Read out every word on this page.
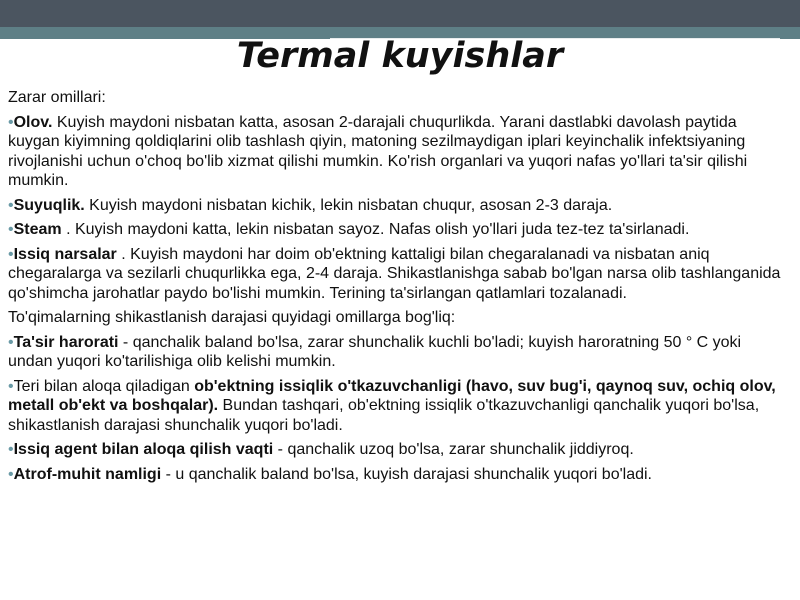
Termal kuyishlar

Zarar omillari:

•Olov. Kuyish maydoni nisbatan katta, asosan 2-darajali chuqurlikda. Yarani dastlabki davolash paytida kuygan kiyimning qoldiqlarini olib tashlash qiyin, matoning sezilmaydigan iplari keyinchalik infektsiyaning rivojlanishi uchun o'choq bo'lib xizmat qilishi mumkin. Ko'rish organlari va yuqori nafas yo'llari ta'sir qilishi mumkin.

•Suyuqlik. Kuyish maydoni nisbatan kichik, lekin nisbatan chuqur, asosan 2-3 daraja.

•Steam . Kuyish maydoni katta, lekin nisbatan sayoz. Nafas olish yo'llari juda tez-tez ta'sirlanadi.

•Issiq narsalar . Kuyish maydoni har doim ob'ektning kattaligi bilan chegaralanadi va nisbatan aniq chegaralarga va sezilarli chuqurlikka ega, 2-4 daraja. Shikastlanishga sabab bo'lgan narsa olib tashlanganida qo'shimcha jarohatlar paydo bo'lishi mumkin. Terining ta'sirlangan qatlamlari tozalanadi.

To'qimalarning shikastlanish darajasi quyidagi omillarga bog'liq:

•Ta'sir harorati - qanchalik baland bo'lsa, zarar shunchalik kuchli bo'ladi; kuyish haroratning 50 ° C yoki undan yuqori ko'tarilishiga olib kelishi mumkin.

•Teri bilan aloqa qiladigan ob'ektning issiqlik o'tkazuvchanligi (havo, suv bug'i, qaynoq suv, ochiq olov, metall ob'ekt va boshqalar). Bundan tashqari, ob'ektning issiqlik o'tkazuvchanligi qanchalik yuqori bo'lsa, shikastlanish darajasi shunchalik yuqori bo'ladi.

•Issiq agent bilan aloqa qilish vaqti - qanchalik uzoq bo'lsa, zarar shunchalik jiddiyroq.

•Atrof-muhit namligi - u qanchalik baland bo'lsa, kuyish darajasi shunchalik yuqori bo'ladi.
